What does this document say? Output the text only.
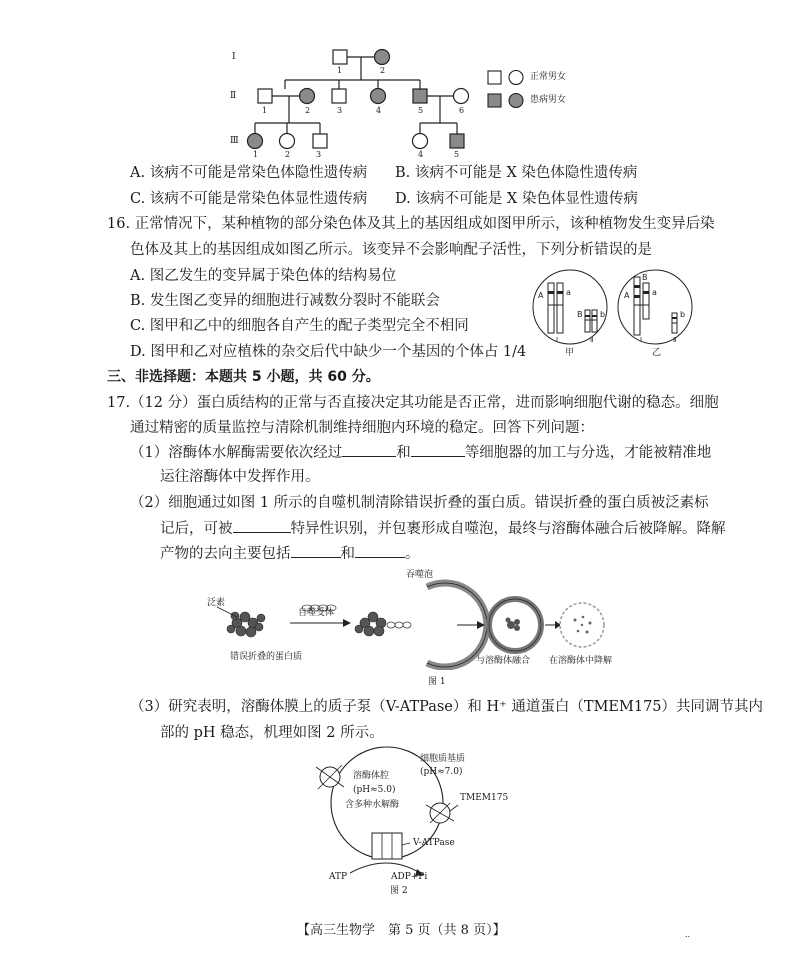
Ⅰ
Ⅱ
Ⅲ
1	2
1	2	3	4	5	6
1	2	3	4	5
正常男女
患病男女
A. 该病不可能是常染色体隐性遗传病 B. 该病不可能是 X 染色体隐性遗传病
C. 该病不可能是常染色体显性遗传病 D. 该病不可能是 X 染色体显性遗传病
16. 正常情况下，某种植物的部分染色体及其上的基因组成如图甲所示，该种植物发生变异后染
色体及其上的基因组成如图乙所示。该变异不会影响配子活性，下列分析错误的是
A. 图乙发生的变异属于染色体的结构易位
B. 发生图乙变异的细胞进行减数分裂时不能联会
C. 图甲和乙中的细胞各自产生的配子类型完全不相同
D. 图甲和乙对应植株的杂交后代中缺少一个基因的个体占 1/4
A	a
B b
Ⅰ	Ⅱ
A	a
B
b
Ⅰ	Ⅱ
甲	乙
三、非选择题：本题共 5 小题，共 60 分。
17.（12 分）蛋白质结构的正常与否直接决定其功能是否正常，进而影响细胞代谢的稳态。细胞
通过精密的质量监控与清除机制维持细胞内环境的稳定。回答下列问题：
（1）溶酶体水解酶需要依次经过	和	等细胞器的加工与分选，才能被精准地
运往溶酶体中发挥作用。
（2）细胞通过如图 1 所示的自噬机制清除错误折叠的蛋白质。错误折叠的蛋白质被泛素标
记后，可被	特异性识别，并包裹形成自噬泡，最终与溶酶体融合后被降解。降解
产物的去向主要包括	和	。
泛素
自噬受体
错误折叠的蛋白质
吞噬泡
与溶酶体融合 在溶酶体中降解
图 1
（3）研究表明，溶酶体膜上的质子泵（V-ATPase）和 H⁺ 通道蛋白（TMEM175）共同调节其内
部的 pH 稳态，机理如图 2 所示。
溶酶体腔
(pH≈5.0)
含多种水解酶
细胞质基质
(pH≈7.0)
TMEM175
V-ATPase
ATP	ADP+Pi
图 2
【高三生物学　第 5 页（共 8 页）】	..
